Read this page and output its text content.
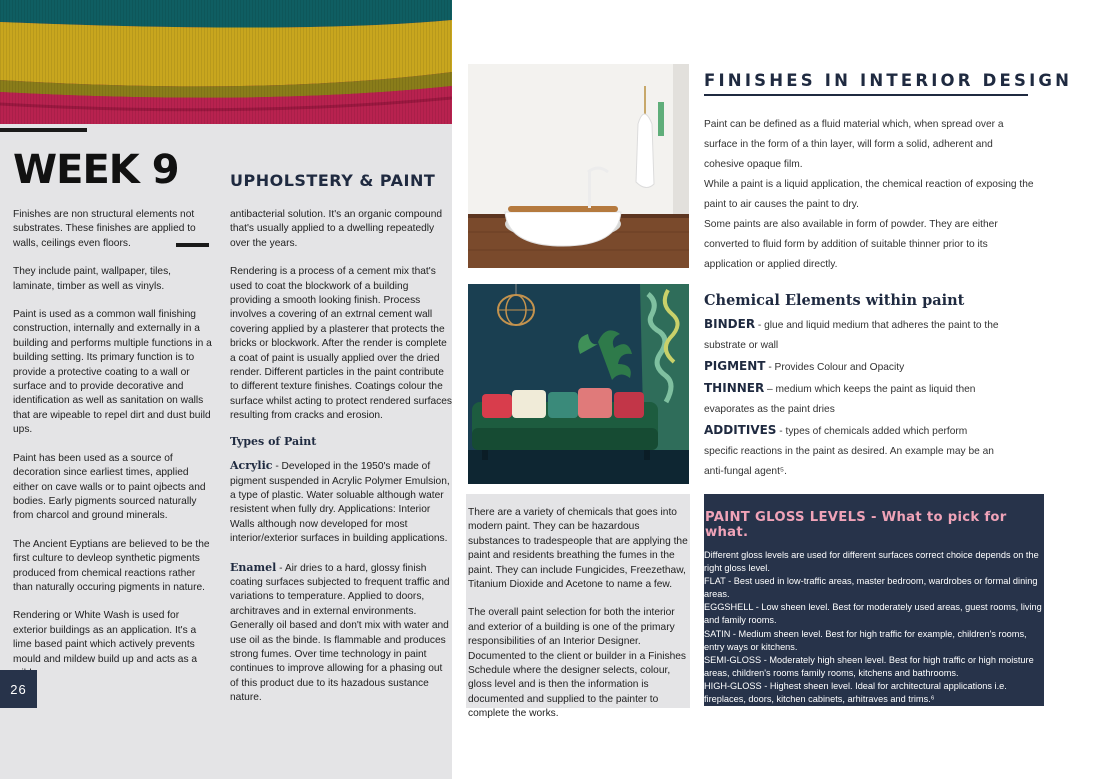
WEEK 9

Finishes are non structural elements not substrates. These finishes are applied to walls, ceilings even floors.

They include paint, wallpaper, tiles, laminate, timber as well as vinyls.

Paint is used as a common wall finishing construction, internally and externally in a building and performs multiple functions in a building setting. Its primary function is to provide a protective coating to a wall or surface and to provide decorative and identification as well as sanitation on walls that are wipeable to repel dirt and dust build ups.

Paint has been used as a source of decoration since earliest times, applied either on cave walls or to paint ojbects and bodies. Early pigments sourced naturally from charcol and ground minerals.

The Ancient Eyptians are believed to be the first culture to devleop synthetic pigments produced from chemical reactions rather than naturally occuring pigments in nature.

Rendering or White Wash is used for exterior buildings as an application. It's a lime based paint which actively prevents mould and mildew build up and acts as a

UPHOLSTERY & PAINT

antibacterial solution. It's an organic compound that's usually applied to a dwelling repeatedly over the years.

Rendering is a process of a cement mix that's used to coat the blockwork of a building providing a smooth looking finish. Process involves a covering of an extrnal cement wall covering applied by a plasterer that protects the bricks or blockwork. After the render is complete a coat of paint is usually applied over the dried render. Different particles in the paint contribute to different texture finishes. Coatings colour the surface whilst acting to protect rendered surfaces resulting from cracks and erosion.

Types of Paint

Acrylic - Developed in the 1950's made of pigment suspended in Acrylic Polymer Emulsion, a type of plastic. Water soluable although water resistent when fully dry. Applications: Interior Walls although now developed for most interior/exterior surfaces in building applications.

Enamel - Air dries to a hard, glossy finish coating surfaces subjected to frequent traffic and variations to temperature. Applied to doors, architraves and in external environments. Generally oil based and don't mix with water and use oil as the binde. Is flammable and produces strong fumes. Over time technology in paint continues to improve allowing for a phasing out of this product due to its hazadous sustance nature.

26
FINISHES IN INTERIOR DESIGN
Paint can be defined as a fluid material which, when spread over a surface in the form of a thin layer, will form a solid, adherent and cohesive opaque film.
While a paint is a liquid application, the chemical reaction of exposing the paint to air causes the paint to dry.
Some paints are also available in form of powder. They are either converted to fluid form by addition of suitable thinner prior to its application or applied directly.
Chemical Elements within paint
BINDER - glue and liquid medium that adheres the paint to the substrate or wall
PIGMENT - Provides Colour and Opacity
THINNER – medium which keeps the paint as liquid then evaporates as the paint dries
ADDITIVES - types of chemicals added which perform specific reactions in the paint as desired. An example may be an anti-fungal agent⁵.

There are a variety of chemicals that goes into modern paint. They can be hazardous substances to tradespeople that are applying the paint and residents breathing the fumes in the paint. They can include Fungicides, Freezethaw, Titanium Dioxide and Acetone to name a few.

The overall paint selection for both the interior and exterior of a building is one of the primary responsibilities of an Interior Designer. Documented to the client or builder in a Finishes Schedule where the designer selects, colour, gloss level and is then the information is documented and supplied to the painter to complete the works.

PAINT GLOSS LEVELS - What to pick for what.
Different gloss levels are used for different surfaces correct choice depends on the right gloss level.
FLAT - Best used in low-traffic areas, master bedroom, wardrobes or formal dining areas.
EGGSHELL - Low sheen level. Best for moderately used areas, guest rooms, living and family rooms.
SATIN - Medium sheen level. Best for high traffic for example, children's rooms, entry ways or kitchens.
SEMI-GLOSS - Moderately high sheen level. Best for high traffic or high moisture areas, children's rooms family rooms, kitchens and bathrooms.
HIGH-GLOSS - Highest sheen level. Ideal for architectural applications i.e. fireplaces, doors, kitchen cabinets, arhitraves and trims.⁶
